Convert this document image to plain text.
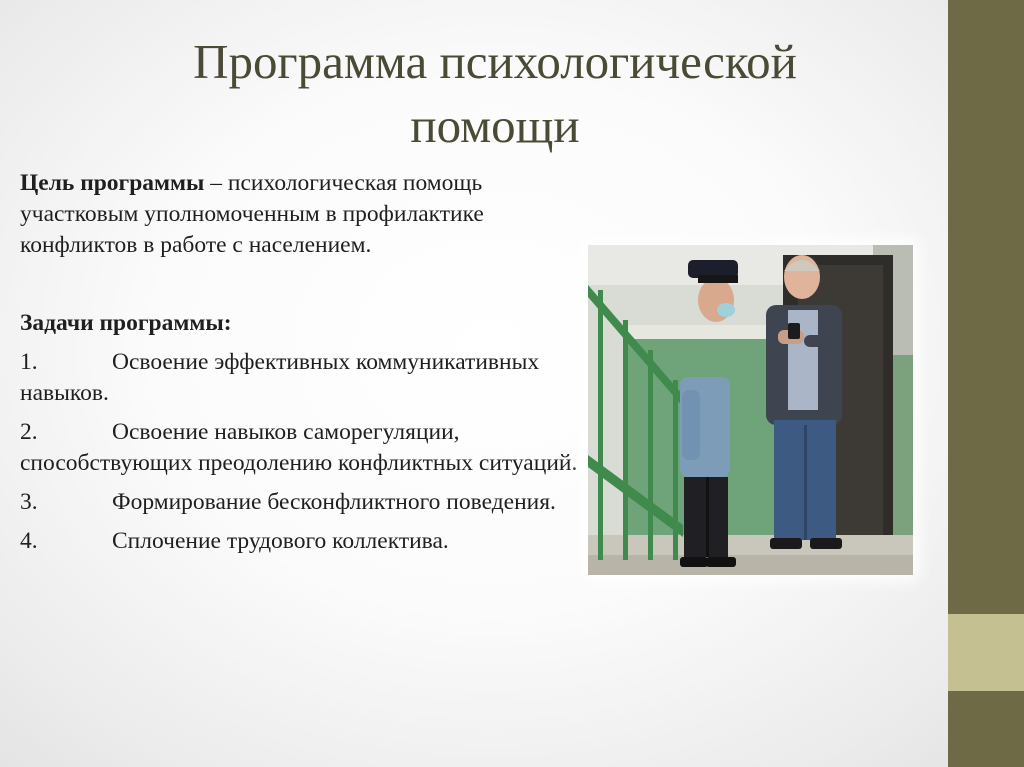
Программа психологической
помощи

Цель программы – психологическая помощь участковым уполномоченным в профилактике конфликтов в работе с населением.

Задачи программы:
1.	Освоение эффективных коммуникативных навыков.
2.	Освоение навыков саморегуляции, способствующих преодолению конфликтных ситуаций.
3.	Формирование бесконфликтного поведения.
4.	Сплочение трудового коллектива.
